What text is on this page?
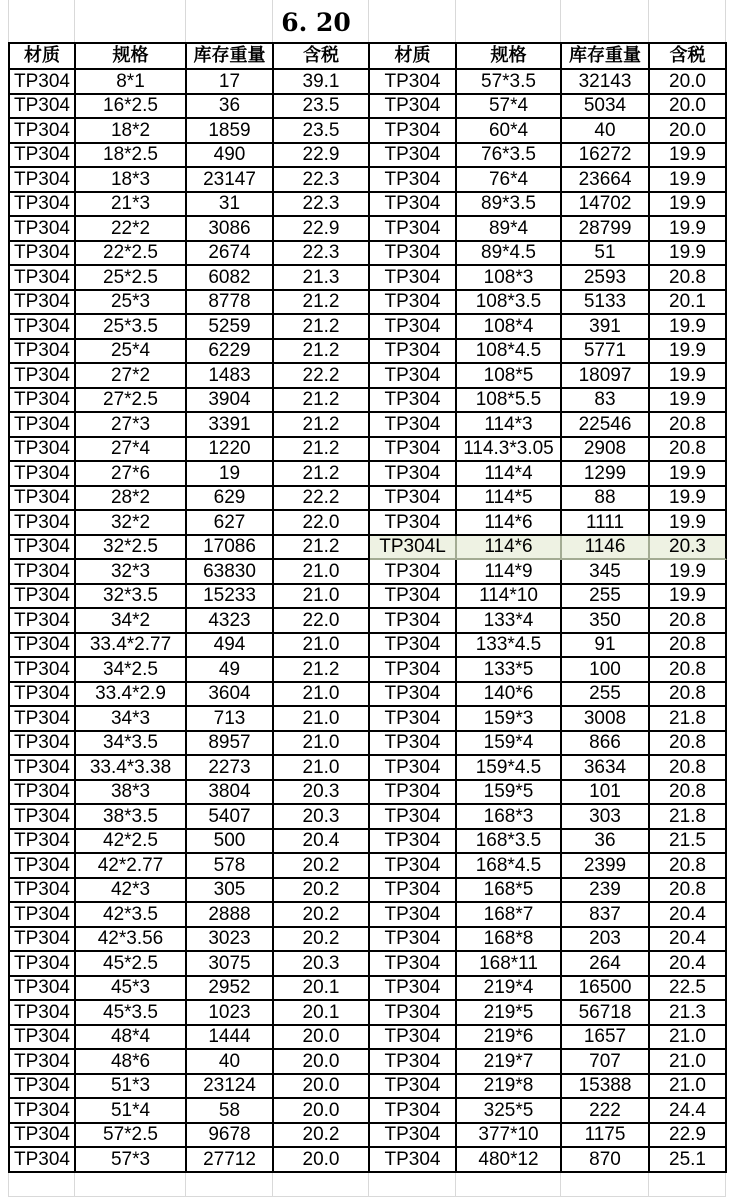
6. 20
材质	规格	库存重量	含税	材质	规格	库存重量	含税
TP304	8*1	17	39.1	TP304	57*3.5	32143	20.0
TP304	16*2.5	36	23.5	TP304	57*4	5034	20.0
TP304	18*2	1859	23.5	TP304	60*4	40	20.0
TP304	18*2.5	490	22.9	TP304	76*3.5	16272	19.9
TP304	18*3	23147	22.3	TP304	76*4	23664	19.9
TP304	21*3	31	22.3	TP304	89*3.5	14702	19.9
TP304	22*2	3086	22.9	TP304	89*4	28799	19.9
TP304	22*2.5	2674	22.3	TP304	89*4.5	51	19.9
TP304	25*2.5	6082	21.3	TP304	108*3	2593	20.8
TP304	25*3	8778	21.2	TP304	108*3.5	5133	20.1
TP304	25*3.5	5259	21.2	TP304	108*4	391	19.9
TP304	25*4	6229	21.2	TP304	108*4.5	5771	19.9
TP304	27*2	1483	22.2	TP304	108*5	18097	19.9
TP304	27*2.5	3904	21.2	TP304	108*5.5	83	19.9
TP304	27*3	3391	21.2	TP304	114*3	22546	20.8
TP304	27*4	1220	21.2	TP304	114.3*3.05	2908	20.8
TP304	27*6	19	21.2	TP304	114*4	1299	19.9
TP304	28*2	629	22.2	TP304	114*5	88	19.9
TP304	32*2	627	22.0	TP304	114*6	1111	19.9
TP304	32*2.5	17086	21.2	TP304L	114*6	1146	20.3
TP304	32*3	63830	21.0	TP304	114*9	345	19.9
TP304	32*3.5	15233	21.0	TP304	114*10	255	19.9
TP304	34*2	4323	22.0	TP304	133*4	350	20.8
TP304	33.4*2.77	494	21.0	TP304	133*4.5	91	20.8
TP304	34*2.5	49	21.2	TP304	133*5	100	20.8
TP304	33.4*2.9	3604	21.0	TP304	140*6	255	20.8
TP304	34*3	713	21.0	TP304	159*3	3008	21.8
TP304	34*3.5	8957	21.0	TP304	159*4	866	20.8
TP304	33.4*3.38	2273	21.0	TP304	159*4.5	3634	20.8
TP304	38*3	3804	20.3	TP304	159*5	101	20.8
TP304	38*3.5	5407	20.3	TP304	168*3	303	21.8
TP304	42*2.5	500	20.4	TP304	168*3.5	36	21.5
TP304	42*2.77	578	20.2	TP304	168*4.5	2399	20.8
TP304	42*3	305	20.2	TP304	168*5	239	20.8
TP304	42*3.5	2888	20.2	TP304	168*7	837	20.4
TP304	42*3.56	3023	20.2	TP304	168*8	203	20.4
TP304	45*2.5	3075	20.3	TP304	168*11	264	20.4
TP304	45*3	2952	20.1	TP304	219*4	16500	22.5
TP304	45*3.5	1023	20.1	TP304	219*5	56718	21.3
TP304	48*4	1444	20.0	TP304	219*6	1657	21.0
TP304	48*6	40	20.0	TP304	219*7	707	21.0
TP304	51*3	23124	20.0	TP304	219*8	15388	21.0
TP304	51*4	58	20.0	TP304	325*5	222	24.4
TP304	57*2.5	9678	20.2	TP304	377*10	1175	22.9
TP304	57*3	27712	20.0	TP304	480*12	870	25.1
